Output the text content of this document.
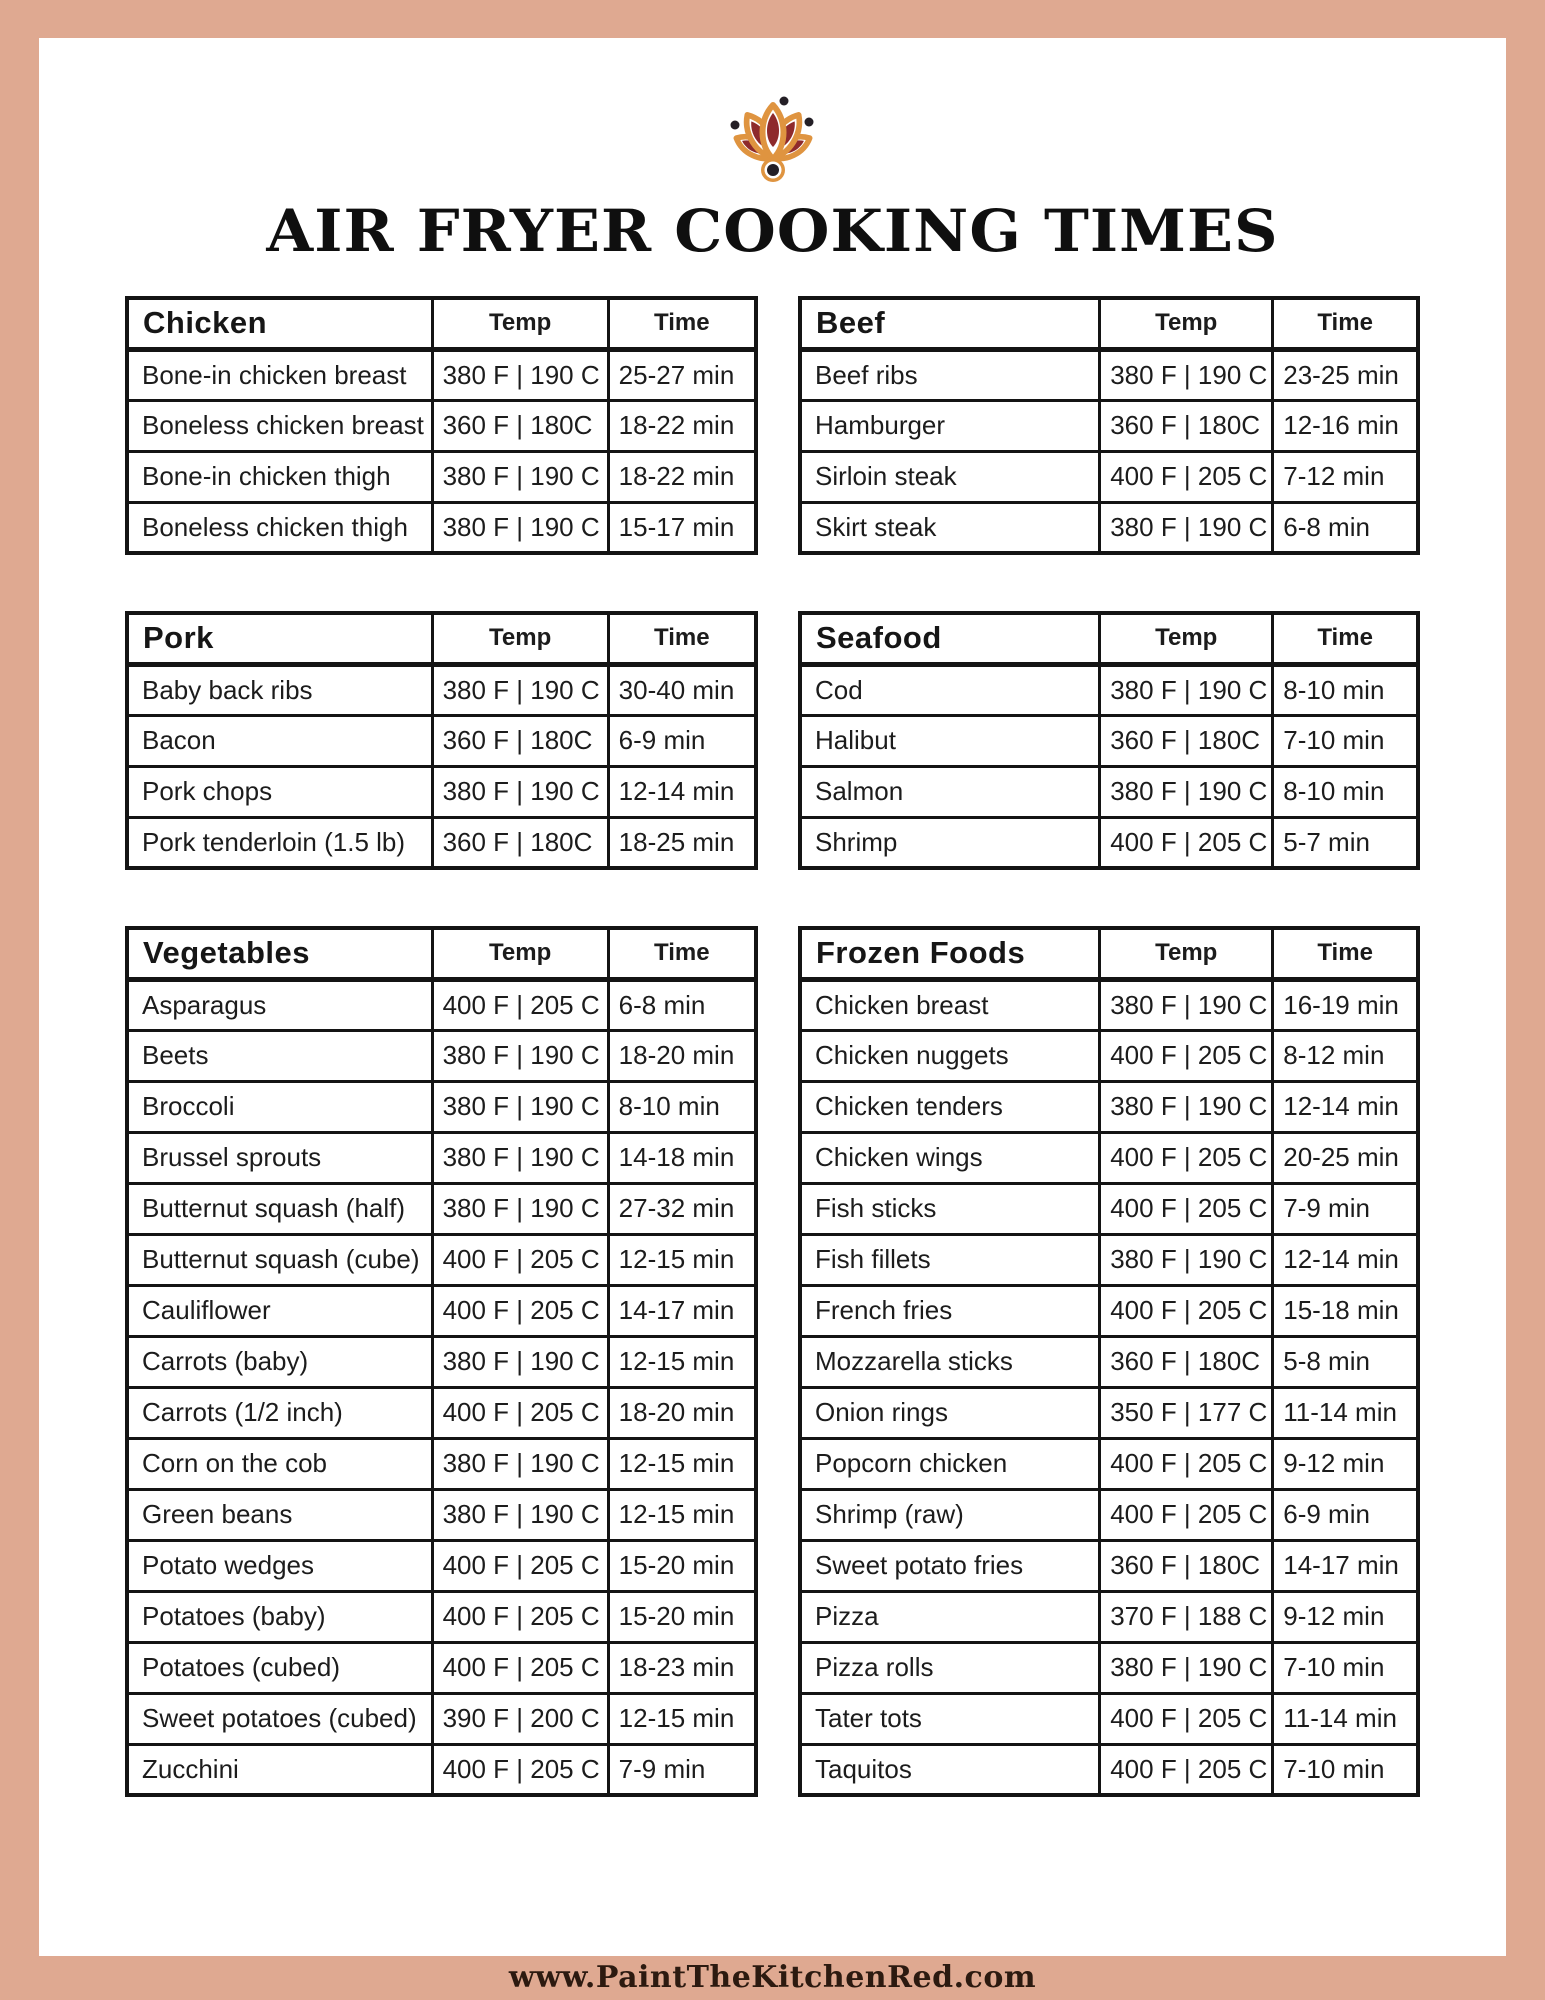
AIR FRYER COOKING TIMES
Chicken	Temp	Time
Bone-in chicken breast	380 F | 190 C	25-27 min
Boneless chicken breast	360 F | 180C	18-22 min
Bone-in chicken thigh	380 F | 190 C	18-22 min
Boneless chicken thigh	380 F | 190 C	15-17 min
Beef	Temp	Time
Beef ribs	380 F | 190 C	23-25 min
Hamburger	360 F | 180C	12-16 min
Sirloin steak	400 F | 205 C	7-12 min
Skirt steak	380 F | 190 C	6-8 min
Pork	Temp	Time
Baby back ribs	380 F | 190 C	30-40 min
Bacon	360 F | 180C	6-9 min
Pork chops	380 F | 190 C	12-14 min
Pork tenderloin (1.5 lb)	360 F | 180C	18-25 min
Seafood	Temp	Time
Cod	380 F | 190 C	8-10 min
Halibut	360 F | 180C	7-10 min
Salmon	380 F | 190 C	8-10 min
Shrimp	400 F | 205 C	5-7 min
Vegetables	Temp	Time
Asparagus	400 F | 205 C	6-8 min
Beets	380 F | 190 C	18-20 min
Broccoli	380 F | 190 C	8-10 min
Brussel sprouts	380 F | 190 C	14-18 min
Butternut squash (half)	380 F | 190 C	27-32 min
Butternut squash (cube)	400 F | 205 C	12-15 min
Cauliflower	400 F | 205 C	14-17 min
Carrots (baby)	380 F | 190 C	12-15 min
Carrots (1/2 inch)	400 F | 205 C	18-20 min
Corn on the cob	380 F | 190 C	12-15 min
Green beans	380 F | 190 C	12-15 min
Potato wedges	400 F | 205 C	15-20 min
Potatoes (baby)	400 F | 205 C	15-20 min
Potatoes (cubed)	400 F | 205 C	18-23 min
Sweet potatoes (cubed)	390 F | 200 C	12-15 min
Zucchini	400 F | 205 C	7-9 min
Frozen Foods	Temp	Time
Chicken breast	380 F | 190 C	16-19 min
Chicken nuggets	400 F | 205 C	8-12 min
Chicken tenders	380 F | 190 C	12-14 min
Chicken wings	400 F | 205 C	20-25 min
Fish sticks	400 F | 205 C	7-9 min
Fish fillets	380 F | 190 C	12-14 min
French fries	400 F | 205 C	15-18 min
Mozzarella sticks	360 F | 180C	5-8 min
Onion rings	350 F | 177 C	11-14 min
Popcorn chicken	400 F | 205 C	9-12 min
Shrimp (raw)	400 F | 205 C	6-9 min
Sweet potato fries	360 F | 180C	14-17 min
Pizza	370 F | 188 C	9-12 min
Pizza rolls	380 F | 190 C	7-10 min
Tater tots	400 F | 205 C	11-14 min
Taquitos	400 F | 205 C	7-10 min
www.PaintTheKitchenRed.com
